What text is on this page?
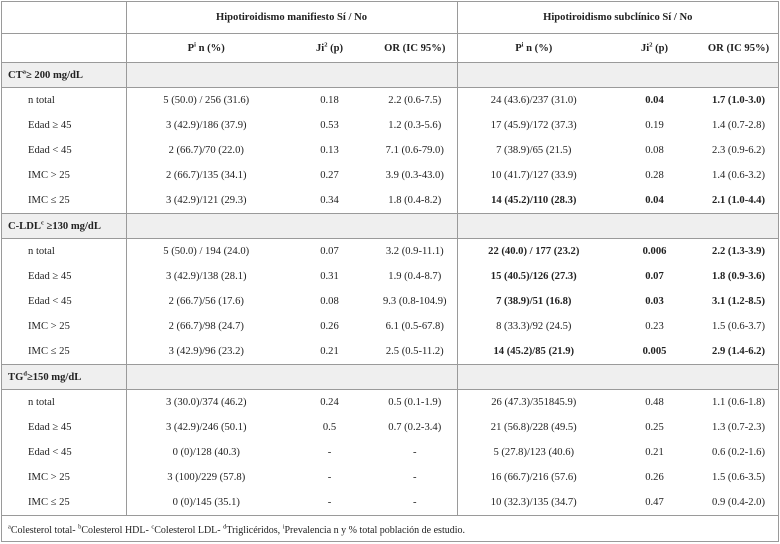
	Hipotiroidismo manifiesto Sí / No			Hipotiroidismo subclínico Sí / No		
	$P^i$ n (%)	Ji$^2$ (p)	OR (IC 95%)	$P^i$ n (%)	Ji$^2$ (p)	OR (IC 95%)
$CT^a\ge 200$ mg/dL						
n total	5 (50.0) / 256 (31.6)	0.18	2.2 (0.6-7.5)	24 (43.6)/237 (31.0)	0.04	1.7 (1.0-3.0)
Edad ≥ 45	3 (42.9)/186 (37.9)	0.53	1.2 (0.3-5.6)	17 (45.9)/172 (37.3)	0.19	1.4 (0.7-2.8)
Edad < 45	2 (66.7)/70 (22.0)	0.13	7.1 (0.6-79.0)	7 (38.9)/65 (21.5)	0.08	2.3 (0.9-6.2)
IMC > 25	2 (66.7)/135 (34.1)	0.27	3.9 (0.3-43.0)	10 (41.7)/127 (33.9)	0.28	1.4 (0.6-3.2)
IMC ≤ 25	3 (42.9)/121 (29.3)	0.34	1.8 (0.4-8.2)	14 (45.2)/110 (28.3)	0.04	2.1 (1.0-4.4)
$C-LDL^c \ge 130$ mg/dL						
n total	5 (50.0) / 194 (24.0)	0.07	3.2 (0.9-11.1)	22 (40.0) / 177 (23.2)	0.006	2.2 (1.3-3.9)
Edad ≥ 45	3 (42.9)/138 (28.1)	0.31	1.9 (0.4-8.7)	15 (40.5)/126 (27.3)	0.07	1.8 (0.9-3.6)
Edad < 45	2 (66.7)/56 (17.6)	0.08	9.3 (0.8-104.9)	7 (38.9)/51 (16.8)	0.03	3.1 (1.2-8.5)
IMC > 25	2 (66.7)/98 (24.7)	0.26	6.1 (0.5-67.8)	8 (33.3)/92 (24.5)	0.23	1.5 (0.6-3.7)
IMC ≤ 25	3 (42.9)/96 (23.2)	0.21	2.5 (0.5-11.2)	14 (45.2)/85 (21.9)	0.005	2.9 (1.4-6.2)
$TG^d\ge 150$ mg/dL						
n total	3 (30.0)/374 (46.2)	0.24	0.5 (0.1-1.9)	26 (47.3)/351845.9)	0.48	1.1 (0.6-1.8)
Edad ≥ 45	3 (42.9)/246 (50.1)	0.5	0.7 (0.2-3.4)	21 (56.8)/228 (49.5)	0.25	1.3 (0.7-2.3)
Edad < 45	0 (0)/128 (40.3)	-	-	5 (27.8)/123 (40.6)	0.21	0.6 (0.2-1.6)
IMC > 25	3 (100)/229 (57.8)	-	-	16 (66.7)/216 (57.6)	0.26	1.5 (0.6-3.5)
IMC ≤ 25	0 (0)/145 (35.1)	-	-	10 (32.3)/135 (34.7)	0.47	0.9 (0.4-2.0)
$^a$Colesterol total- $^b$Colesterol HDL- $^c$Colesterol LDL- $^d$Triglicéridos, $^i$Prevalencia n y % total población de estudio.						
